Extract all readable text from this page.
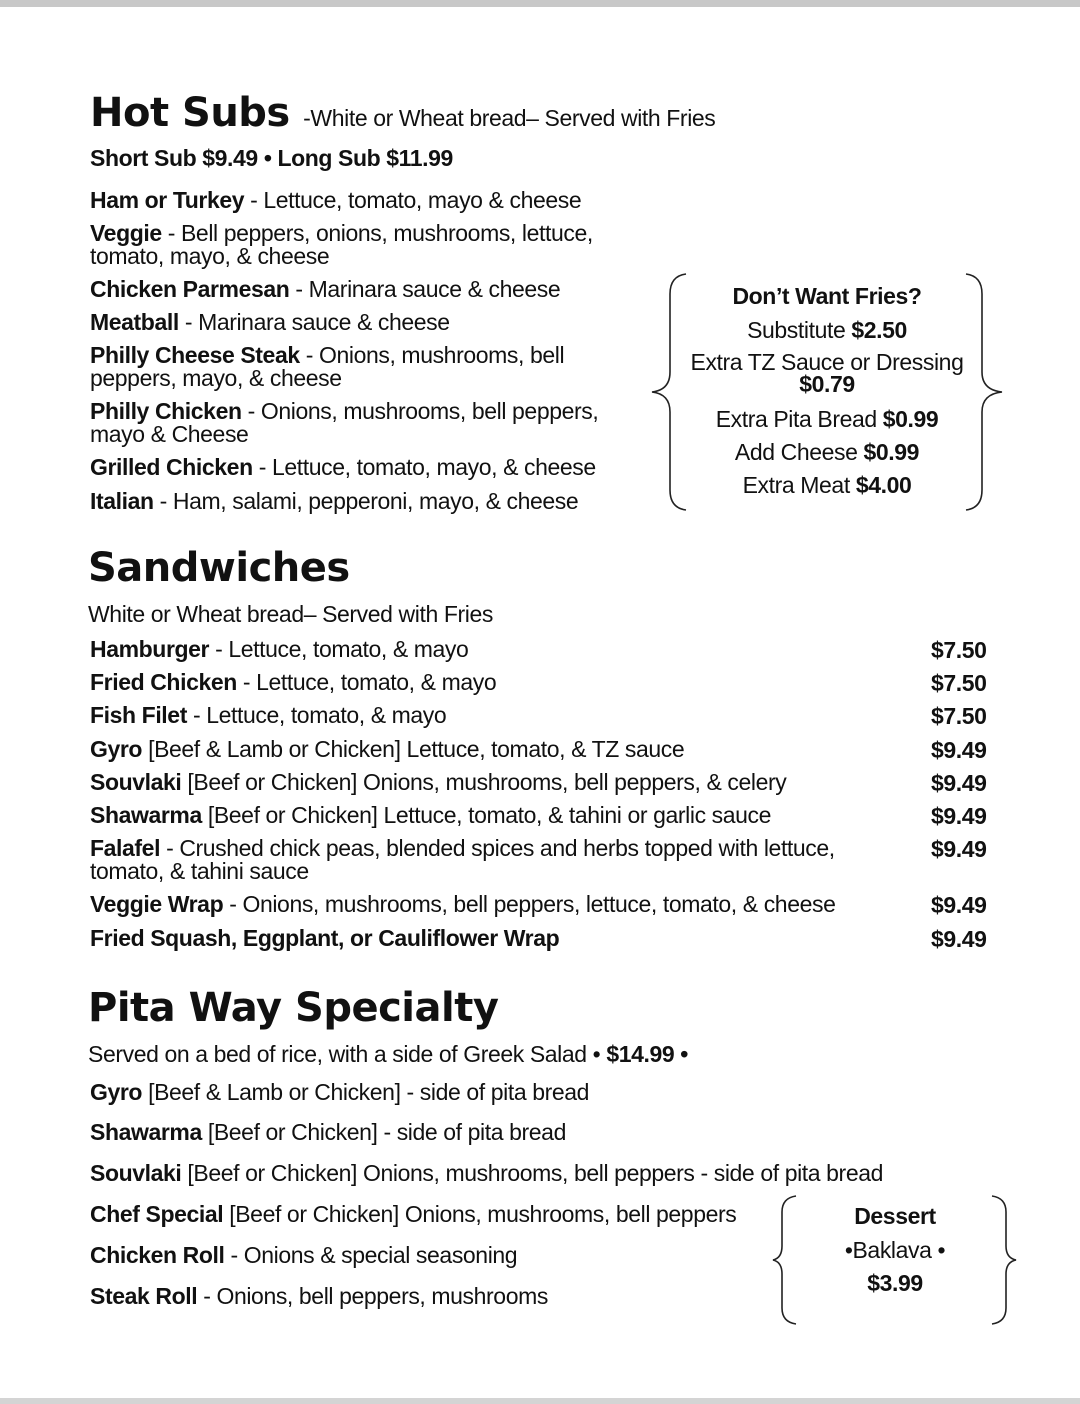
Hot Subs -White or Wheat bread– Served with Fries
Short Sub $9.49 • Long Sub $11.99
Ham or Turkey - Lettuce, tomato, mayo & cheese
Veggie - Bell peppers, onions, mushrooms, lettuce, tomato, mayo, & cheese
Chicken Parmesan - Marinara sauce & cheese
Meatball - Marinara sauce & cheese
Philly Cheese Steak - Onions, mushrooms, bell peppers, mayo, & cheese
Philly Chicken - Onions, mushrooms, bell peppers, mayo & Cheese
Grilled Chicken - Lettuce, tomato, mayo, & cheese
Italian - Ham, salami, pepperoni, mayo, & cheese
Don’t Want Fries?
Substitute $2.50
Extra TZ Sauce or Dressing
$0.79
Extra Pita Bread $0.99
Add Cheese $0.99
Extra Meat $4.00
Sandwiches
White or Wheat bread– Served with Fries
Hamburger - Lettuce, tomato, & mayo	$7.50
Fried Chicken - Lettuce, tomato, & mayo	$7.50
Fish Filet - Lettuce, tomato, & mayo	$7.50
Gyro [Beef & Lamb or Chicken] Lettuce, tomato, & TZ sauce	$9.49
Souvlaki [Beef or Chicken] Onions, mushrooms, bell peppers, & celery	$9.49
Shawarma [Beef or Chicken] Lettuce, tomato, & tahini or garlic sauce	$9.49
Falafel - Crushed chick peas, blended spices and herbs topped with lettuce, tomato, & tahini sauce
$9.49
Veggie Wrap - Onions, mushrooms, bell peppers, lettuce, tomato, & cheese	$9.49
Fried Squash, Eggplant, or Cauliflower Wrap	$9.49
Pita Way Specialty
Served on a bed of rice, with a side of Greek Salad • $14.99 •
Gyro [Beef & Lamb or Chicken] - side of pita bread
Shawarma [Beef or Chicken] - side of pita bread
Souvlaki [Beef or Chicken] Onions, mushrooms, bell peppers - side of pita bread
Chef Special [Beef or Chicken] Onions, mushrooms, bell peppers
Chicken Roll - Onions & special seasoning
Steak Roll - Onions, bell peppers, mushrooms
Dessert
•Baklava •
$3.99
